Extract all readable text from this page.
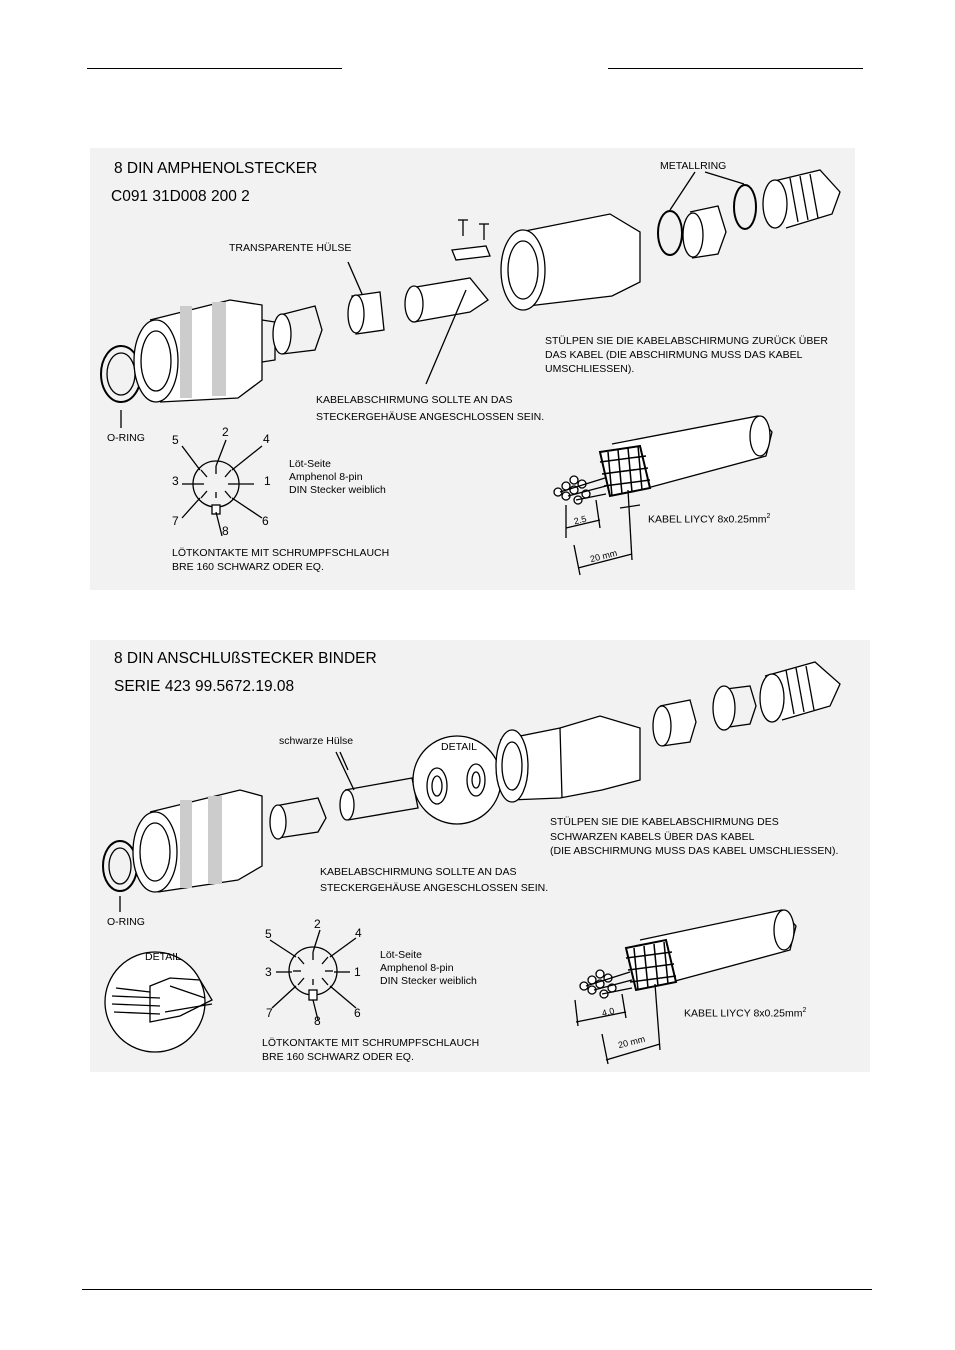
8 DIN AMPHENOLSTECKER
C091 31D008 200 2
METALLRING
TRANSPARENTE HÜLSE
STÜLPEN SIE DIE KABELABSCHIRMUNG ZURÜCK ÜBER
DAS KABEL (DIE ABSCHIRMUNG MUSS DAS KABEL
UMSCHLIESSEN).
KABELABSCHIRMUNG SOLLTE AN DAS
STECKERGEHÄUSE ANGESCHLOSSEN SEIN.
O-RING
Löt-Seite
Amphenol 8-pin
DIN Stecker weiblich
LÖTKONTAKTE MIT SCHRUMPFSCHLAUCH
BRE 160 SCHWARZ ODER EQ.
KABEL LIYCY $8x0.25mm^2$
2.5
20 mm
2	4
5
3	1
7	6
8
8 DIN ANSCHLUßSTECKER BINDER
SERIE 423 99.5672.19.08
schwarze Hülse	DETAIL
STÜLPEN SIE DIE KABELABSCHIRMUNG DES
SCHWARZEN KABELS ÜBER DAS KABEL
(DIE ABSCHIRMUNG MUSS DAS KABEL UMSCHLIESSEN).
KABELABSCHIRMUNG SOLLTE AN DAS
STECKERGEHÄUSE ANGESCHLOSSEN SEIN.
O-RING
DETAIL	Löt-Seite
Amphenol 8-pin
DIN Stecker weiblich
LÖTKONTAKTE MIT SCHRUMPFSCHLAUCH
BRE 160 SCHWARZ ODER EQ.
KABEL LIYCY $8x0.25mm^2$
4.0
20 mm
2
4
5
3	1
7	6
8
